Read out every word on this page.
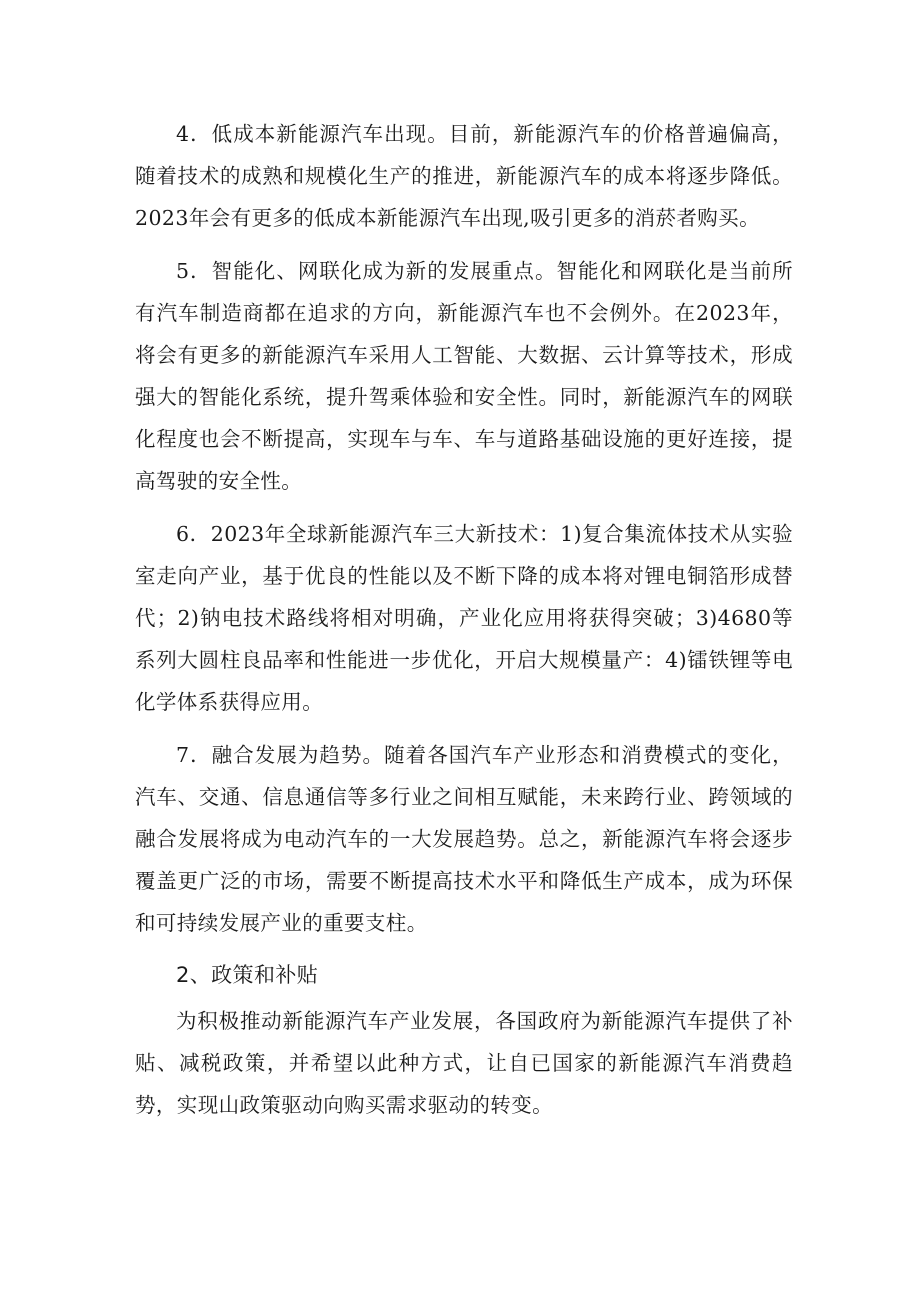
4．低成本新能源汽车出现。目前，新能源汽车的价格普遍偏高，随着技术的成熟和规模化生产的推进，新能源汽车的成本将逐步降低。2023年会有更多的低成本新能源汽车出现,吸引更多的消菸者购买。

5．智能化、网联化成为新的发展重点。智能化和网联化是当前所有汽车制造商都在追求的方向，新能源汽车也不会例外。在2023年，将会有更多的新能源汽车采用人工智能、大数据、云计算等技术，形成强大的智能化系统，提升驾乘体验和安全性。同时，新能源汽车的网联化程度也会不断提高，实现车与车、车与道路基础设施的更好连接，提高驾驶的安全性。

6．2023年全球新能源汽车三大新技术：1)复合集流体技术从实验室走向产业，基于优良的性能以及不断下降的成本将对锂电铜箔形成替代；2)钠电技术路线将相对明确，产业化应用将获得突破；3)4680等系列大圆柱良品率和性能进一步优化，开启大规模量产：4)镭铁锂等电化学体系获得应用。

7．融合发展为趋势。随着各国汽车产业形态和消费模式的变化，汽车、交通、信息通信等多行业之间相互赋能，未来跨行业、跨领域的融合发展将成为电动汽车的一大发展趋势。总之，新能源汽车将会逐步覆盖更广泛的市场，需要不断提高技术水平和降低生产成本，成为环保和可持续发展产业的重要支柱。

2、政策和补贴

为积极推动新能源汽车产业发展，各国政府为新能源汽车提供了补贴、减税政策，并希望以此种方式，让自已国家的新能源汽车消费趋势，实现山政策驱动向购买需求驱动的转变。
